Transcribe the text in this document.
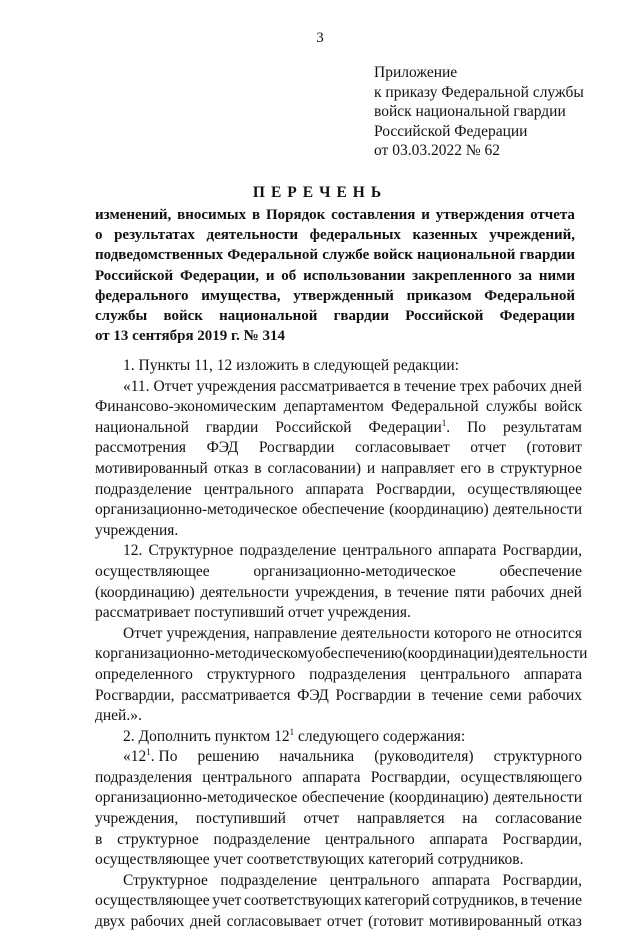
3
Приложение
к приказу Федеральной службы
войск национальной гвардии
Российской Федерации
от 03.03.2022 № 62
ПЕРЕЧЕНЬ
изменений, вносимых в Порядок составления и утверждения отчета
о результатах деятельности федеральных казенных учреждений,
подведомственных Федеральной службе войск национальной гвардии
Российской Федерации, и об использовании закрепленного за ними
федерального имущества, утвержденный приказом Федеральной
службы войск национальной гвардии Российской Федерации
от 13 сентября 2019 г. № 314
1. Пункты 11, 12 изложить в следующей редакции:
«11. Отчет учреждения рассматривается в течение трех рабочих дней
Финансово-экономическим департаментом Федеральной службы войск
национальной гвардии Российской Федерации$^1$. По результатам
рассмотрения ФЭД Росгвардии согласовывает отчет (готовит
мотивированный отказ в согласовании) и направляет его в структурное
подразделение центрального аппарата Росгвардии, осуществляющее
организационно-методическое обеспечение (координацию) деятельности
учреждения.
12. Структурное подразделение центрального аппарата Росгвардии,
осуществляющее	организационно-методическое	обеспечение
(координацию) деятельности учреждения, в течение пяти рабочих дней
рассматривает поступивший отчет учреждения.
Отчет учреждения, направление деятельности которого не относится
к организационно-методическому обеспечению (координации) деятельности
определенного структурного подразделения центрального аппарата
Росгвардии, рассматривается ФЭД Росгвардии в течение семи рабочих
дней.».
2. Дополнить пунктом $12^1$ следующего содержания:
«$12^1$. По решению начальника (руководителя) структурного
подразделения центрального аппарата Росгвардии, осуществляющего
организационно-методическое обеспечение (координацию) деятельности
учреждения, поступивший отчет направляется на согласование
в структурное подразделение центрального аппарата Росгвардии,
осуществляющее учет соответствующих категорий сотрудников.
Структурное подразделение центрального аппарата Росгвардии,
осуществляющее учет соответствующих категорий сотрудников, в течение
двух рабочих дней согласовывает отчет (готовит мотивированный отказ
